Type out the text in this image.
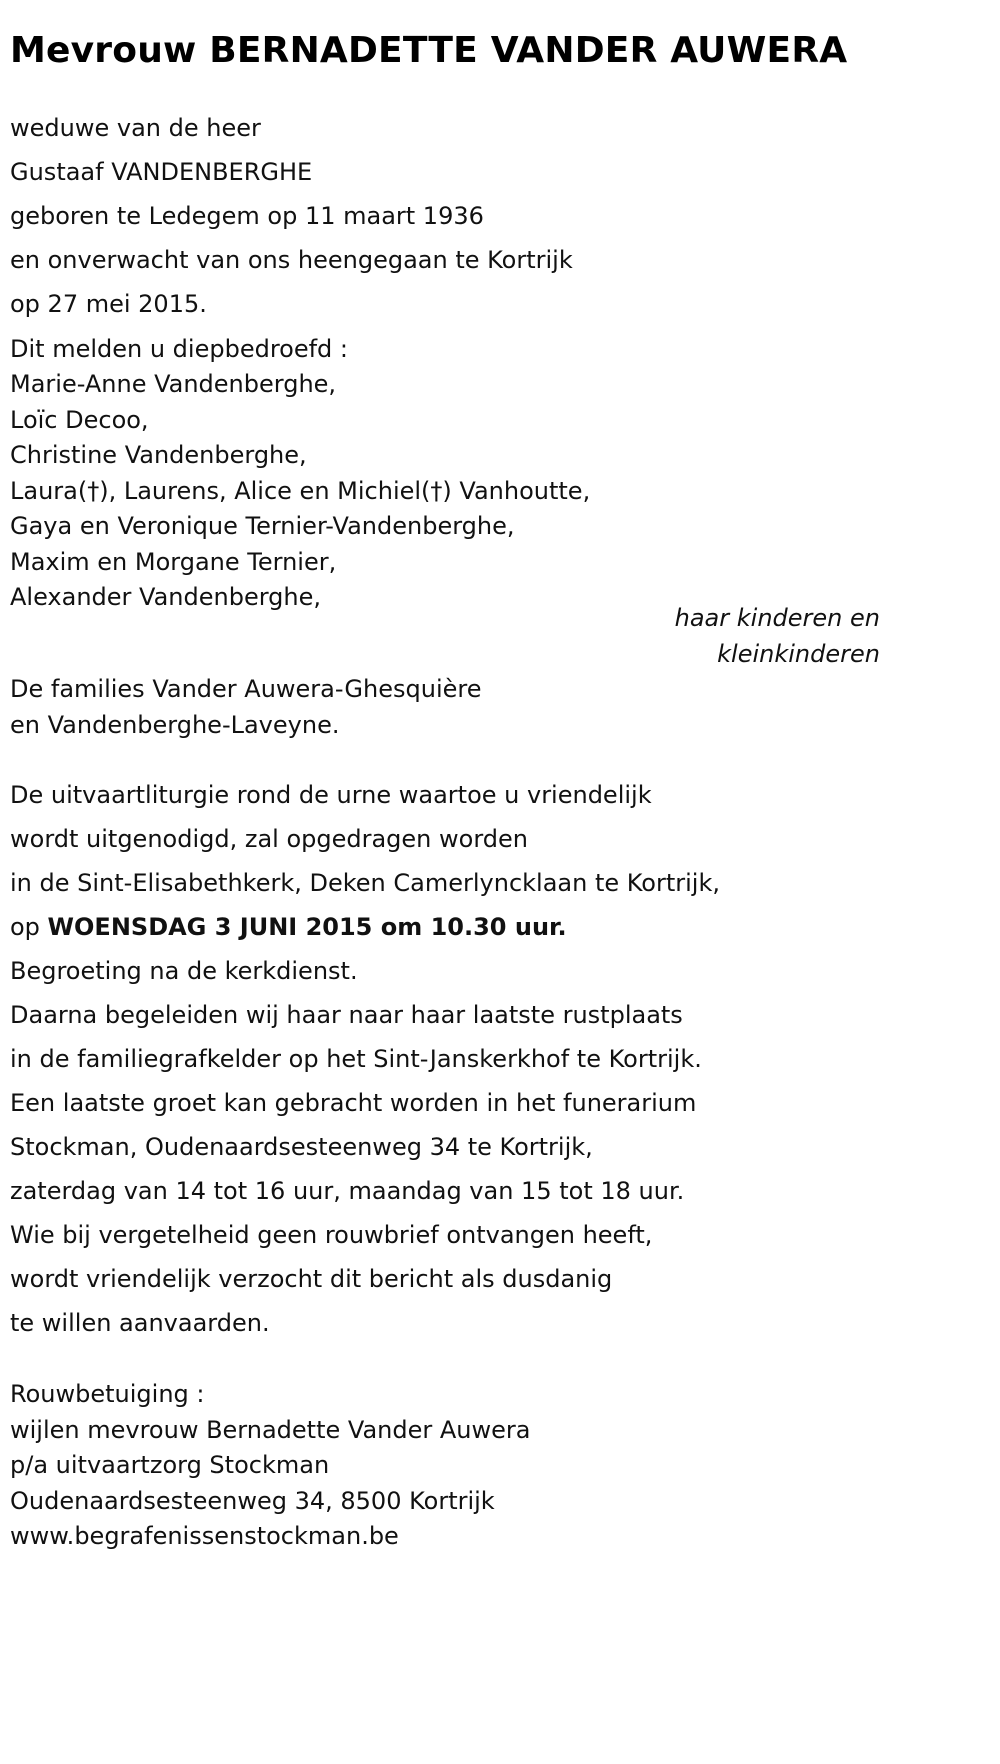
Mevrouw BERNADETTE VANDER AUWERA
weduwe van de heer
Gustaaf VANDENBERGHE
geboren te Ledegem op 11 maart 1936
en onverwacht van ons heengegaan te Kortrijk
op 27 mei 2015.
Dit melden u diepbedroefd :
Marie-Anne Vandenberghe,
Loïc Decoo,
Christine Vandenberghe,
Laura(†), Laurens, Alice en Michiel(†) Vanhoutte,
Gaya en Veronique Ternier-Vandenberghe,
Maxim en Morgane Ternier,
Alexander Vandenberghe,
haar kinderen en
kleinkinderen
De families Vander Auwera-Ghesquière
en Vandenberghe-Laveyne.
De uitvaartliturgie rond de urne waartoe u vriendelijk
wordt uitgenodigd, zal opgedragen worden
in de Sint-Elisabethkerk, Deken Camerlyncklaan te Kortrijk,
op WOENSDAG 3 JUNI 2015 om 10.30 uur.
Begroeting na de kerkdienst.
Daarna begeleiden wij haar naar haar laatste rustplaats
in de familiegrafkelder op het Sint-Janskerkhof te Kortrijk.
Een laatste groet kan gebracht worden in het funerarium
Stockman, Oudenaardsesteenweg 34 te Kortrijk,
zaterdag van 14 tot 16 uur, maandag van 15 tot 18 uur.
Wie bij vergetelheid geen rouwbrief ontvangen heeft,
wordt vriendelijk verzocht dit bericht als dusdanig
te willen aanvaarden.
Rouwbetuiging :
wijlen mevrouw Bernadette Vander Auwera
p/a uitvaartzorg Stockman
Oudenaardsesteenweg 34, 8500 Kortrijk
www.begrafenissenstockman.be
